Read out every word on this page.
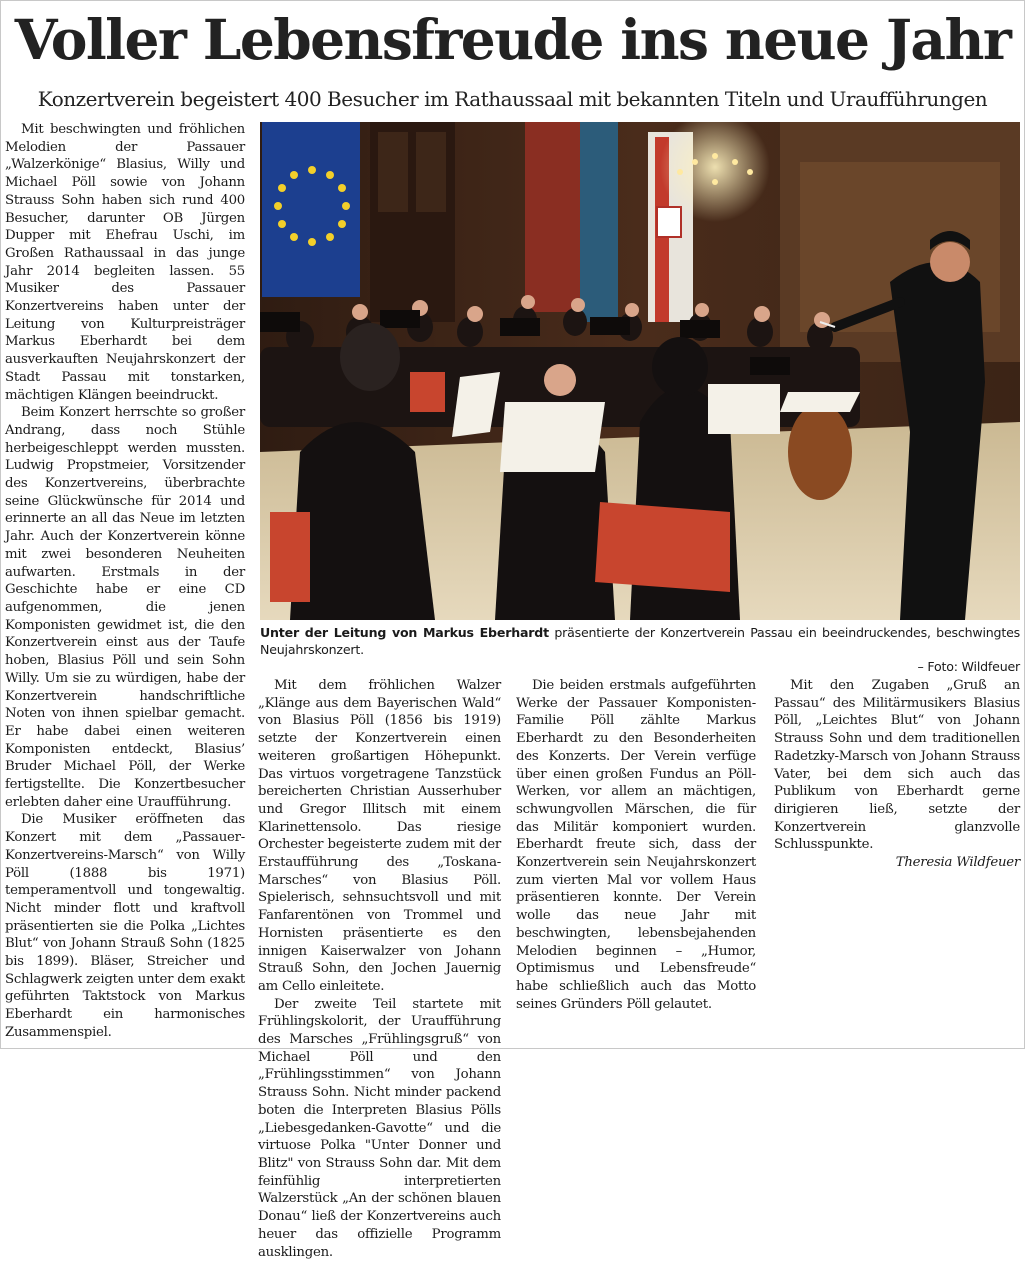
Voller Lebensfreude ins neue Jahr
Konzertverein begeistert 400 Besucher im Rathaussaal mit bekannten Titeln und Uraufführungen

Mit beschwingten und fröhlichen Melodien der Passauer „Walzerkönige“ Blasius, Willy und Michael Pöll sowie von Johann Strauss Sohn haben sich rund 400 Besucher, darunter OB Jürgen Dupper mit Ehefrau Uschi, im Großen Rathaussaal in das junge Jahr 2014 begleiten lassen. 55 Musiker des Passauer Konzertvereins haben unter der Leitung von Kulturpreisträger Markus Eberhardt bei dem ausverkauften Neujahrskonzert der Stadt Passau mit tonstarken, mächtigen Klängen beeindruckt.

Beim Konzert herrschte so großer Andrang, dass noch Stühle herbeigeschleppt werden mussten. Ludwig Propstmeier, Vorsitzender des Konzertvereins, überbrachte seine Glückwünsche für 2014 und erinnerte an all das Neue im letzten Jahr. Auch der Konzertverein könne mit zwei besonderen Neuheiten aufwarten. Erstmals in der Geschichte habe er eine CD aufgenommen, die jenen Komponisten gewidmet ist, die den Konzertverein einst aus der Taufe hoben, Blasius Pöll und sein Sohn Willy. Um sie zu würdigen, habe der Konzertverein handschriftliche Noten von ihnen spielbar gemacht. Er habe dabei einen weiteren Komponisten entdeckt, Blasius’ Bruder Michael Pöll, der Werke fertigstellte. Die Konzertbesucher erlebten daher eine Uraufführung.

Die Musiker eröffneten das Konzert mit dem „Passauer-Konzertvereins-Marsch“ von Willy Pöll (1888 bis 1971) temperamentvoll und tongewaltig. Nicht minder flott und kraftvoll präsentierten sie die Polka „Lichtes Blut“ von Johann Strauß Sohn (1825 bis 1899). Bläser, Streicher und Schlagwerk zeigten unter dem exakt geführten Taktstock von Markus Eberhardt ein harmonisches Zusammenspiel.

Unter der Leitung von Markus Eberhardt präsentierte der Konzertverein Passau ein beeindruckendes, beschwingtes Neujahrskonzert.
– Foto: Wildfeuer

Mit dem fröhlichen Walzer „Klänge aus dem Bayerischen Wald“ von Blasius Pöll (1856 bis 1919) setzte der Konzertverein einen weiteren großartigen Höhepunkt. Das virtuos vorgetragene Tanzstück bereicherten Christian Ausserhuber und Gregor Illitsch mit einem Klarinettensolo. Das riesige Orchester begeisterte zudem mit der Erstaufführung des „Toskana-Marsches“ von Blasius Pöll. Spielerisch, sehnsuchtsvoll und mit Fanfarentönen von Trommel und Hornisten präsentierte es den innigen Kaiserwalzer von Johann Strauß Sohn, den Jochen Jauernig am Cello einleitete.

Der zweite Teil startete mit Frühlingskolorit, der Uraufführung des Marsches „Frühlingsgruß“ von Michael Pöll und den „Frühlingsstimmen“ von Johann Strauss Sohn. Nicht minder packend boten die Interpreten Blasius Pölls „Liebesgedanken-Gavotte“ und die virtuose Polka "Unter Donner und Blitz" von Strauss Sohn dar. Mit dem feinfühlig interpretierten Walzerstück „An der schönen blauen Donau“ ließ der Konzertvereins auch heuer das offizielle Programm ausklingen.

Die beiden erstmals aufgeführten Werke der Passauer Komponisten-Familie Pöll zählte Markus Eberhardt zu den Besonderheiten des Konzerts. Der Verein verfüge über einen großen Fundus an Pöll-Werken, vor allem an mächtigen, schwungvollen Märschen, die für das Militär komponiert wurden. Eberhardt freute sich, dass der Konzertverein sein Neujahrskonzert zum vierten Mal vor vollem Haus präsentieren konnte. Der Verein wolle das neue Jahr mit beschwingten, lebensbejahenden Melodien beginnen – „Humor, Optimismus und Lebensfreude“ habe schließlich auch das Motto seines Gründers Pöll gelautet.

Mit den Zugaben „Gruß an Passau“ des Militärmusikers Blasius Pöll, „Leichtes Blut“ von Johann Strauss Sohn und dem traditionellen Radetzky-Marsch von Johann Strauss Vater, bei dem sich auch das Publikum von Eberhardt gerne dirigieren ließ, setzte der Konzertverein glanzvolle Schlusspunkte.

Theresia Wildfeuer
